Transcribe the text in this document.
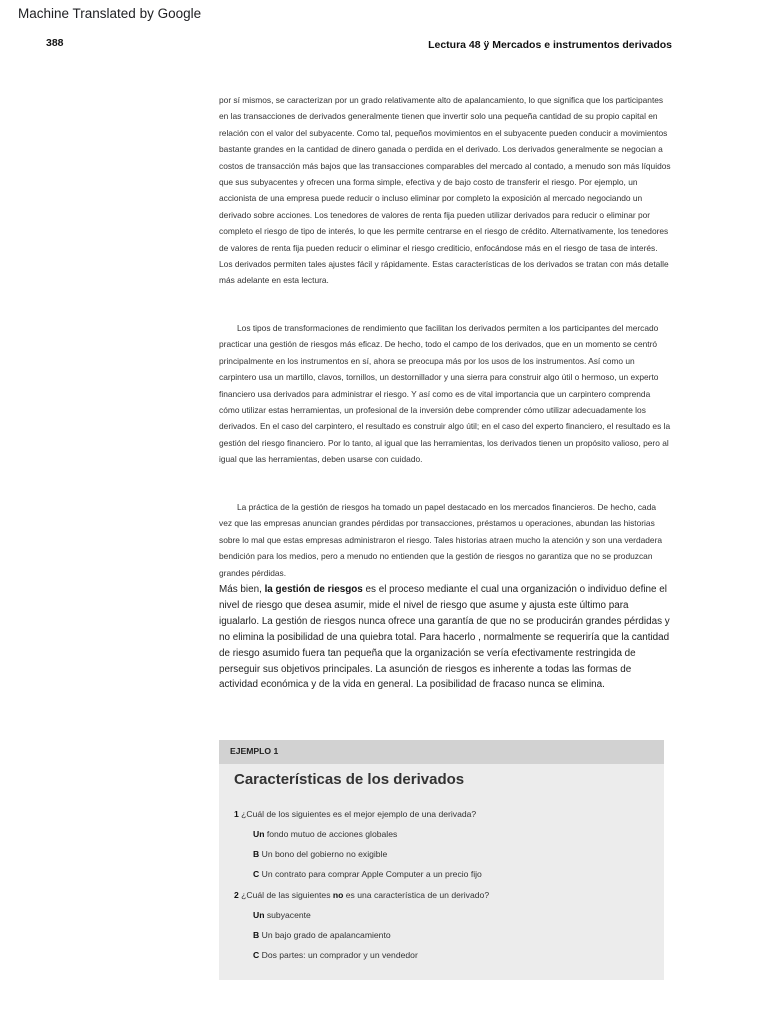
Machine Translated by Google
388	Lectura 48 ÿ Mercados e instrumentos derivados

por sí mismos, se caracterizan por un grado relativamente alto de apalancamiento, lo que significa que los participantes en las transacciones de derivados generalmente tienen que invertir solo una pequeña cantidad de su propio capital en relación con el valor del subyacente. Como tal, pequeños movimientos en el subyacente pueden conducir a movimientos bastante grandes en la cantidad de dinero ganada o perdida en el derivado. Los derivados generalmente se negocian a costos de transacción más bajos que las transacciones comparables del mercado al contado, a menudo son más líquidos que sus subyacentes y ofrecen una forma simple, efectiva y de bajo costo de transferir el riesgo. Por ejemplo, un accionista de una empresa puede reducir o incluso eliminar por completo la exposición al mercado negociando un derivado sobre acciones. Los tenedores de valores de renta fija pueden utilizar derivados para reducir o eliminar por completo el riesgo de tipo de interés, lo que les permite centrarse en el riesgo de crédito. Alternativamente, los tenedores de valores de renta fija pueden reducir o eliminar el riesgo crediticio, enfocándose más en el riesgo de tasa de interés. Los derivados permiten tales ajustes fácil y rápidamente. Estas características de los derivados se tratan con más detalle más adelante en esta lectura.

Los tipos de transformaciones de rendimiento que facilitan los derivados permiten a los participantes del mercado practicar una gestión de riesgos más eficaz. De hecho, todo el campo de los derivados, que en un momento se centró principalmente en los instrumentos en sí, ahora se preocupa más por los usos de los instrumentos. Así como un carpintero usa un martillo, clavos, tornillos, un destornillador y una sierra para construir algo útil o hermoso, un experto financiero usa derivados para administrar el riesgo. Y así como es de vital importancia que un carpintero comprenda cómo utilizar estas herramientas, un profesional de la inversión debe comprender cómo utilizar adecuadamente los derivados. En el caso del carpintero, el resultado es construir algo útil; en el caso del experto financiero, el resultado es la gestión del riesgo financiero. Por lo tanto, al igual que las herramientas, los derivados tienen un propósito valioso, pero al igual que las herramientas, deben usarse con cuidado.

La práctica de la gestión de riesgos ha tomado un papel destacado en los mercados financieros. De hecho, cada vez que las empresas anuncian grandes pérdidas por transacciones, préstamos u operaciones, abundan las historias sobre lo mal que estas empresas administraron el riesgo. Tales historias atraen mucho la atención y son una verdadera bendición para los medios, pero a menudo no entienden que la gestión de riesgos no garantiza que no se produzcan grandes pérdidas.

Más bien, la gestión de riesgos es el proceso mediante el cual una organización o individuo define el nivel de riesgo que desea asumir, mide el nivel de riesgo que asume y ajusta este último para igualarlo. La gestión de riesgos nunca ofrece una garantía de que no se producirán grandes pérdidas y no elimina la posibilidad de una quiebra total. Para hacerlo , normalmente se requeriría que la cantidad de riesgo asumido fuera tan pequeña que la organización se vería efectivamente restringida de perseguir sus objetivos principales. La asunción de riesgos es inherente a todas las formas de actividad económica y de la vida en general. La posibilidad de fracaso nunca se elimina.

EJEMPLO 1
Características de los derivados
1 ¿Cuál de los siguientes es el mejor ejemplo de una derivada?
Un fondo mutuo de acciones globales
B Un bono del gobierno no exigible
C Un contrato para comprar Apple Computer a un precio fijo
2 ¿Cuál de las siguientes no es una característica de un derivado?
Un subyacente
B Un bajo grado de apalancamiento
C Dos partes: un comprador y un vendedor
